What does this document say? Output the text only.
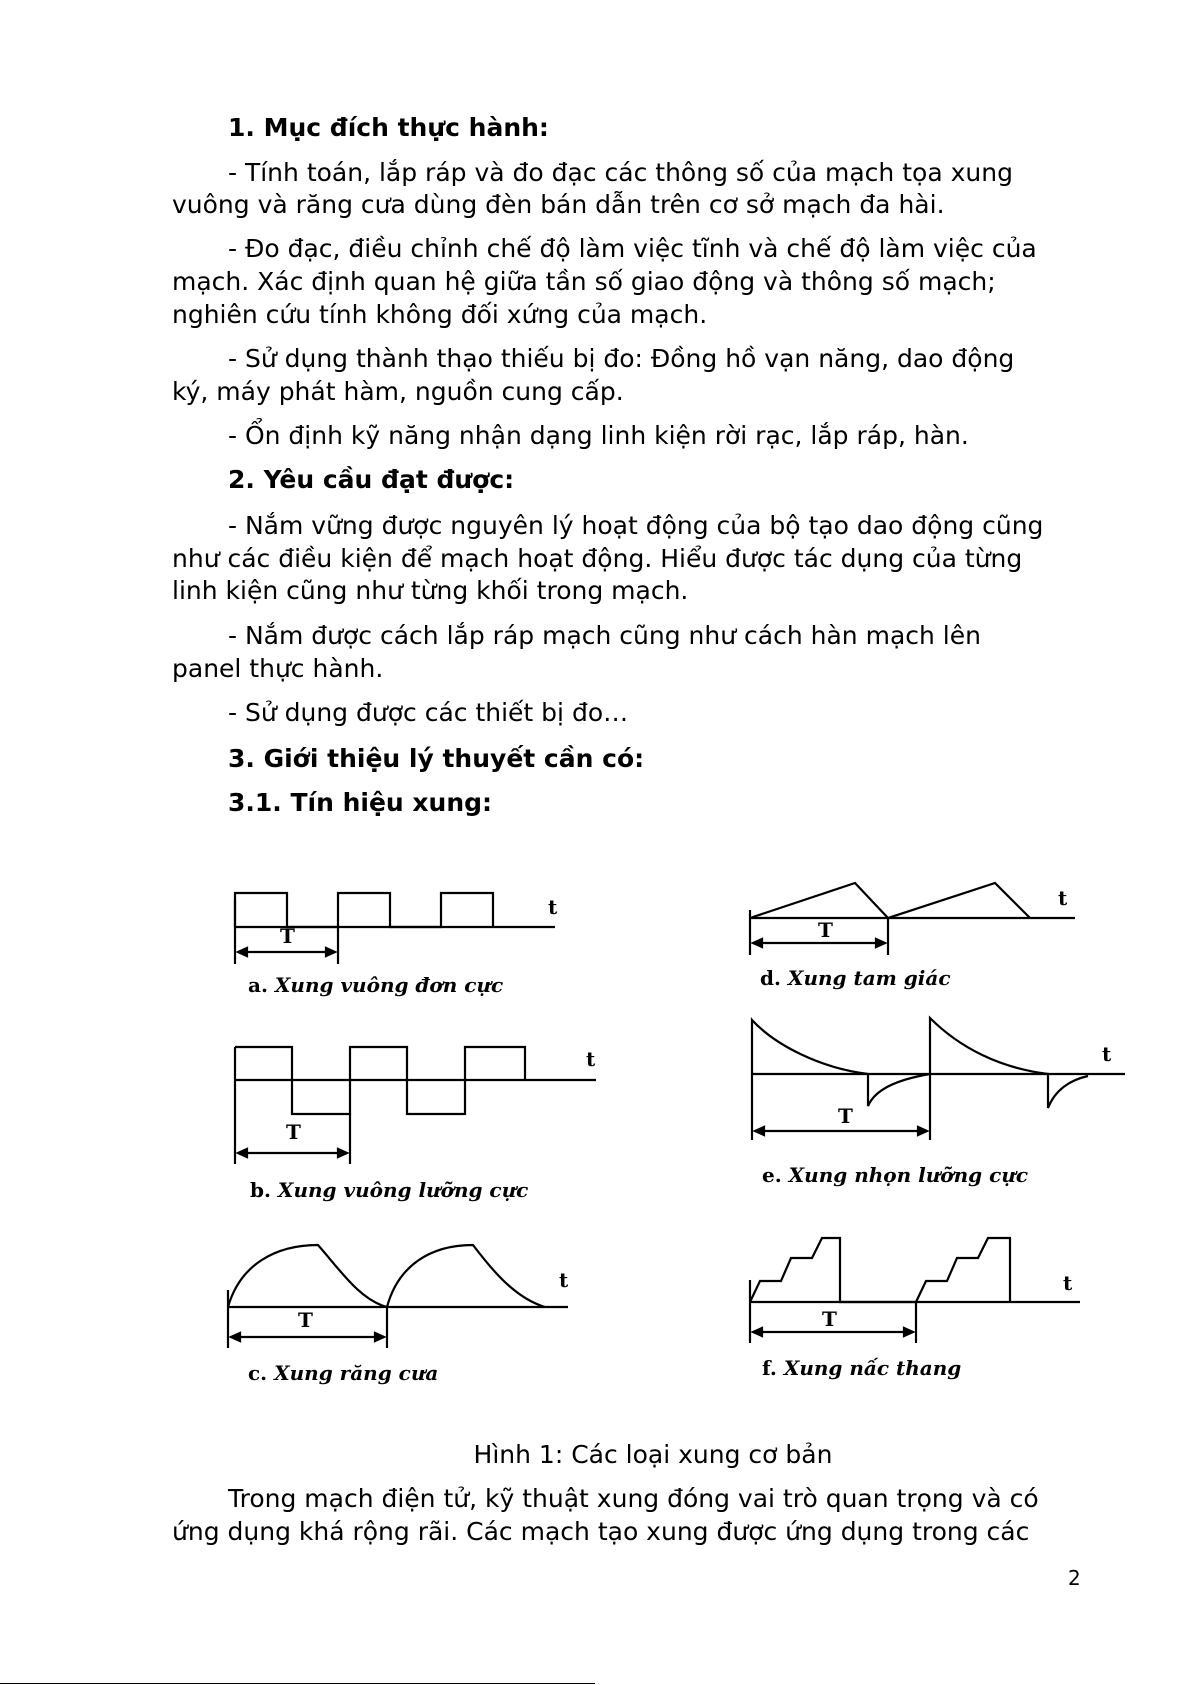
1. Mục đích thực hành:
- Tính toán, lắp ráp và đo đạc các thông số của mạch tọa xung
vuông và răng cưa dùng đèn bán dẫn trên cơ sở mạch đa hài.
- Đo đạc, điều chỉnh chế độ làm việc tĩnh và chế độ làm việc của
mạch. Xác định quan hệ giữa tần số giao động và thông số mạch;
nghiên cứu tính không đối xứng của mạch.
- Sử dụng thành thạo thiếu bị đo: Đồng hồ vạn năng, dao động
ký, máy phát hàm, nguồn cung cấp.
- Ổn định kỹ năng nhận dạng linh kiện rời rạc, lắp ráp, hàn.
2. Yêu cầu đạt được:
- Nắm vững được nguyên lý hoạt động của bộ tạo dao động cũng
như các điều kiện để mạch hoạt động. Hiểu được tác dụng của từng
linh kiện cũng như từng khối trong mạch.
- Nắm được cách lắp ráp mạch cũng như cách hàn mạch lên
panel thực hành.
- Sử dụng được các thiết bị đo…
3. Giới thiệu lý thuyết cần có:
3.1. Tín hiệu xung:
t
t
t
t
t
t
T
T
T
T
T
T
a. Xung vuông đơn cực	d. Xung tam giác
b. Xung vuông lưỡng cực
e. Xung nhọn lưỡng cực
c. Xung răng cưa	f. Xung nấc thang
Hình 1: Các loại xung cơ bản
Trong mạch điện tử, kỹ thuật xung đóng vai trò quan trọng và có
ứng dụng khá rộng rãi. Các mạch tạo xung được ứng dụng trong các
2
